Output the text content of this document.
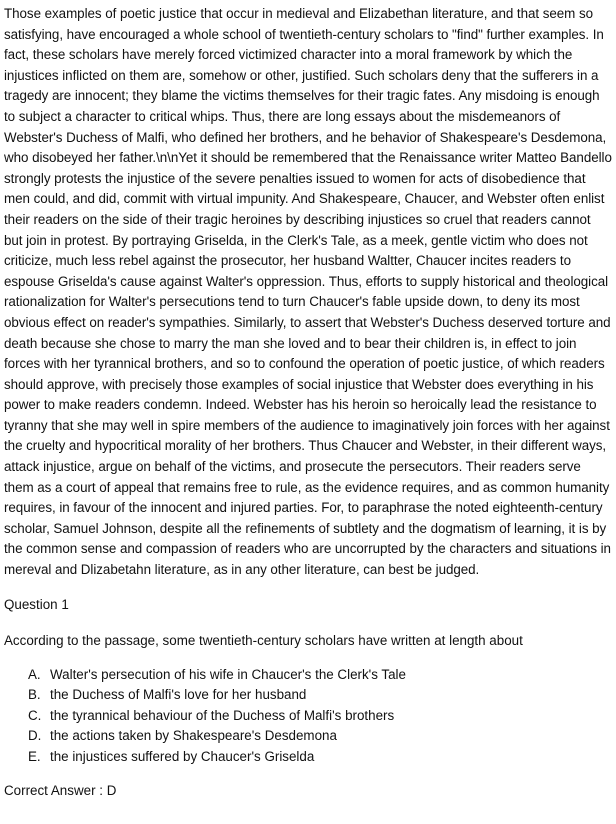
Those examples of poetic justice that occur in medieval and Elizabethan literature, and that seem so satisfying, have encouraged a whole school of twentieth-century scholars to "find" further examples. In fact, these scholars have merely forced victimized character into a moral framework by which the injustices inflicted on them are, somehow or other, justified. Such scholars deny that the sufferers in a tragedy are innocent; they blame the victims themselves for their tragic fates. Any misdoing is enough to subject a character to critical whips. Thus, there are long essays about the misdemeanors of Webster's Duchess of Malfi, who defined her brothers, and he behavior of Shakespeare's Desdemona, who disobeyed her father.\n\nYet it should be remembered that the Renaissance writer Matteo Bandello strongly protests the injustice of the severe penalties issued to women for acts of disobedience that men could, and did, commit with virtual impunity. And Shakespeare, Chaucer, and Webster often enlist their readers on the side of their tragic heroines by describing injustices so cruel that readers cannot but join in protest. By portraying Griselda, in the Clerk's Tale, as a meek, gentle victim who does not criticize, much less rebel against the prosecutor, her husband Waltter, Chaucer incites readers to espouse Griselda's cause against Walter's oppression. Thus, efforts to supply historical and theological rationalization for Walter's persecutions tend to turn Chaucer's fable upside down, to deny its most obvious effect on reader's sympathies. Similarly, to assert that Webster's Duchess deserved torture and death because she chose to marry the man she loved and to bear their children is, in effect to join forces with her tyrannical brothers, and so to confound the operation of poetic justice, of which readers should approve, with precisely those examples of social injustice that Webster does everything in his power to make readers condemn. Indeed. Webster has his heroin so heroically lead the resistance to tyranny that she may well in spire members of the audience to imaginatively join forces with her against the cruelty and hypocritical morality of her brothers. Thus Chaucer and Webster, in their different ways, attack injustice, argue on behalf of the victims, and prosecute the persecutors. Their readers serve them as a court of appeal that remains free to rule, as the evidence requires, and as common humanity requires, in favour of the innocent and injured parties. For, to paraphrase the noted eighteenth-century scholar, Samuel Johnson, despite all the refinements of subtlety and the dogmatism of learning, it is by the common sense and compassion of readers who are uncorrupted by the characters and situations in mereval and Dlizabetahn literature, as in any other literature, can best be judged.

Question 1

According to the passage, some twentieth-century scholars have written at length about

A. Walter's persecution of his wife in Chaucer's the Clerk's Tale
B. the Duchess of Malfi's love for her husband
C. the tyrannical behaviour of the Duchess of Malfi's brothers
D. the actions taken by Shakespeare's Desdemona
E. the injustices suffered by Chaucer's Griselda

Correct Answer : D
